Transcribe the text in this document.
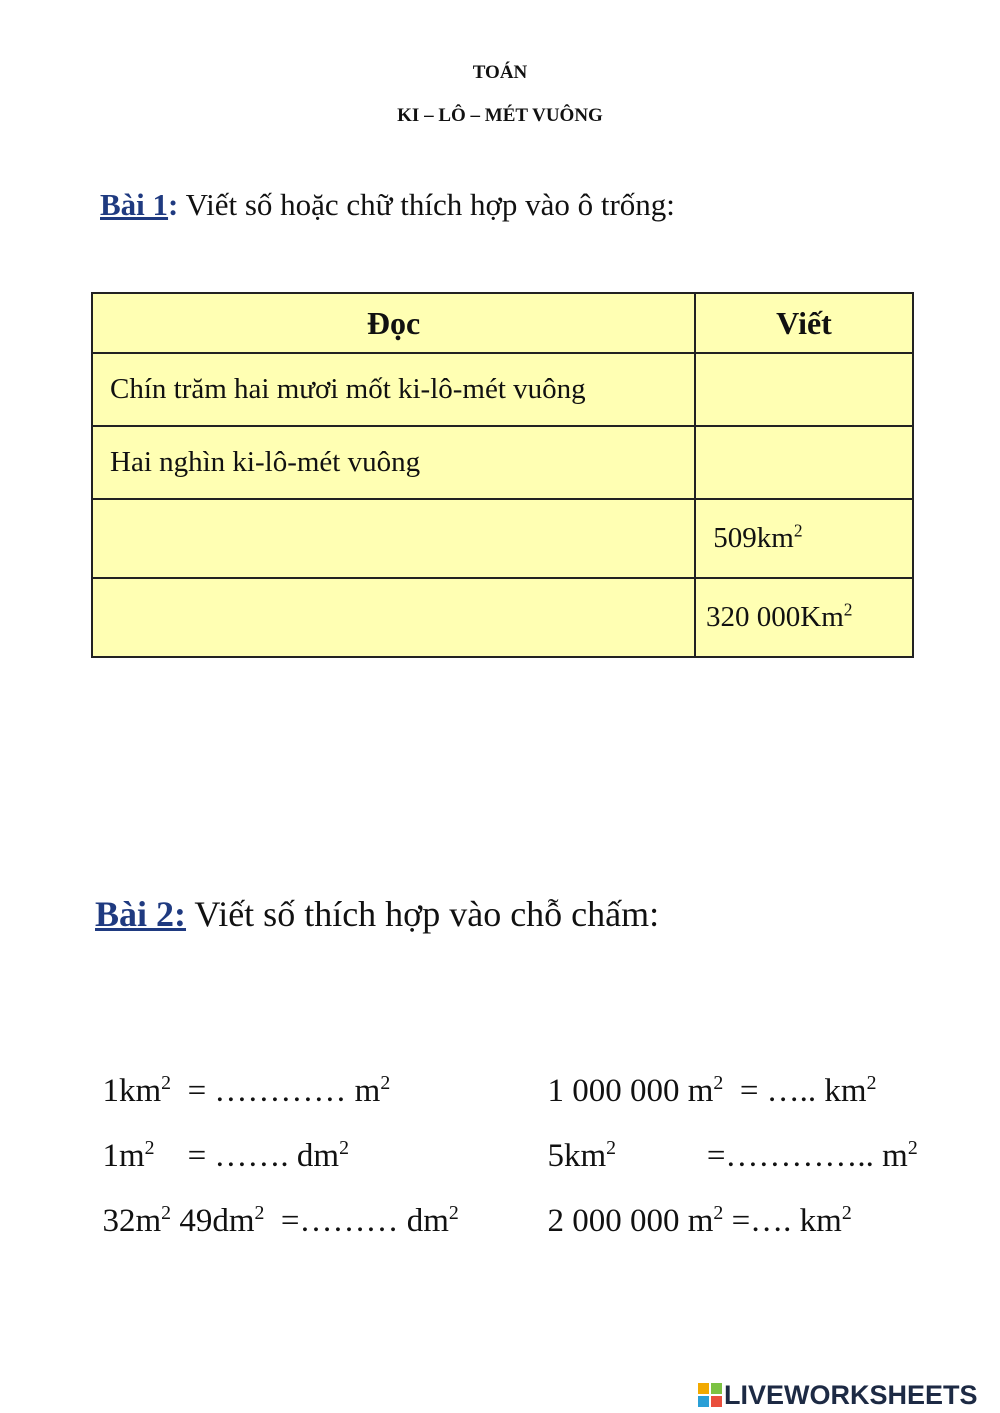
TOÁN
KI – LÔ – MÉT VUÔNG
Bài 1: Viết số hoặc chữ thích hợp vào ô trống:
Đọc	Viết
Chín trăm hai mươi mốt ki-lô-mét vuông	
Hai nghìn ki-lô-mét vuông	
	$509km^2$
	320 000Km$^2$
Bài 2: Viết số thích hợp vào chỗ chấm:

$1km^2$  = ………… $m^2$

$1m^2$    = ……. $dm^2$

$32m^2$ $49dm^2$  =……… $dm^2$

1 000 000 $m^2$  = ….. $km^2$

$5km^2$           =………….. $m^2$

2 000 000 $m^2$ =…. $km^2$

LIVEWORKSHEETS
